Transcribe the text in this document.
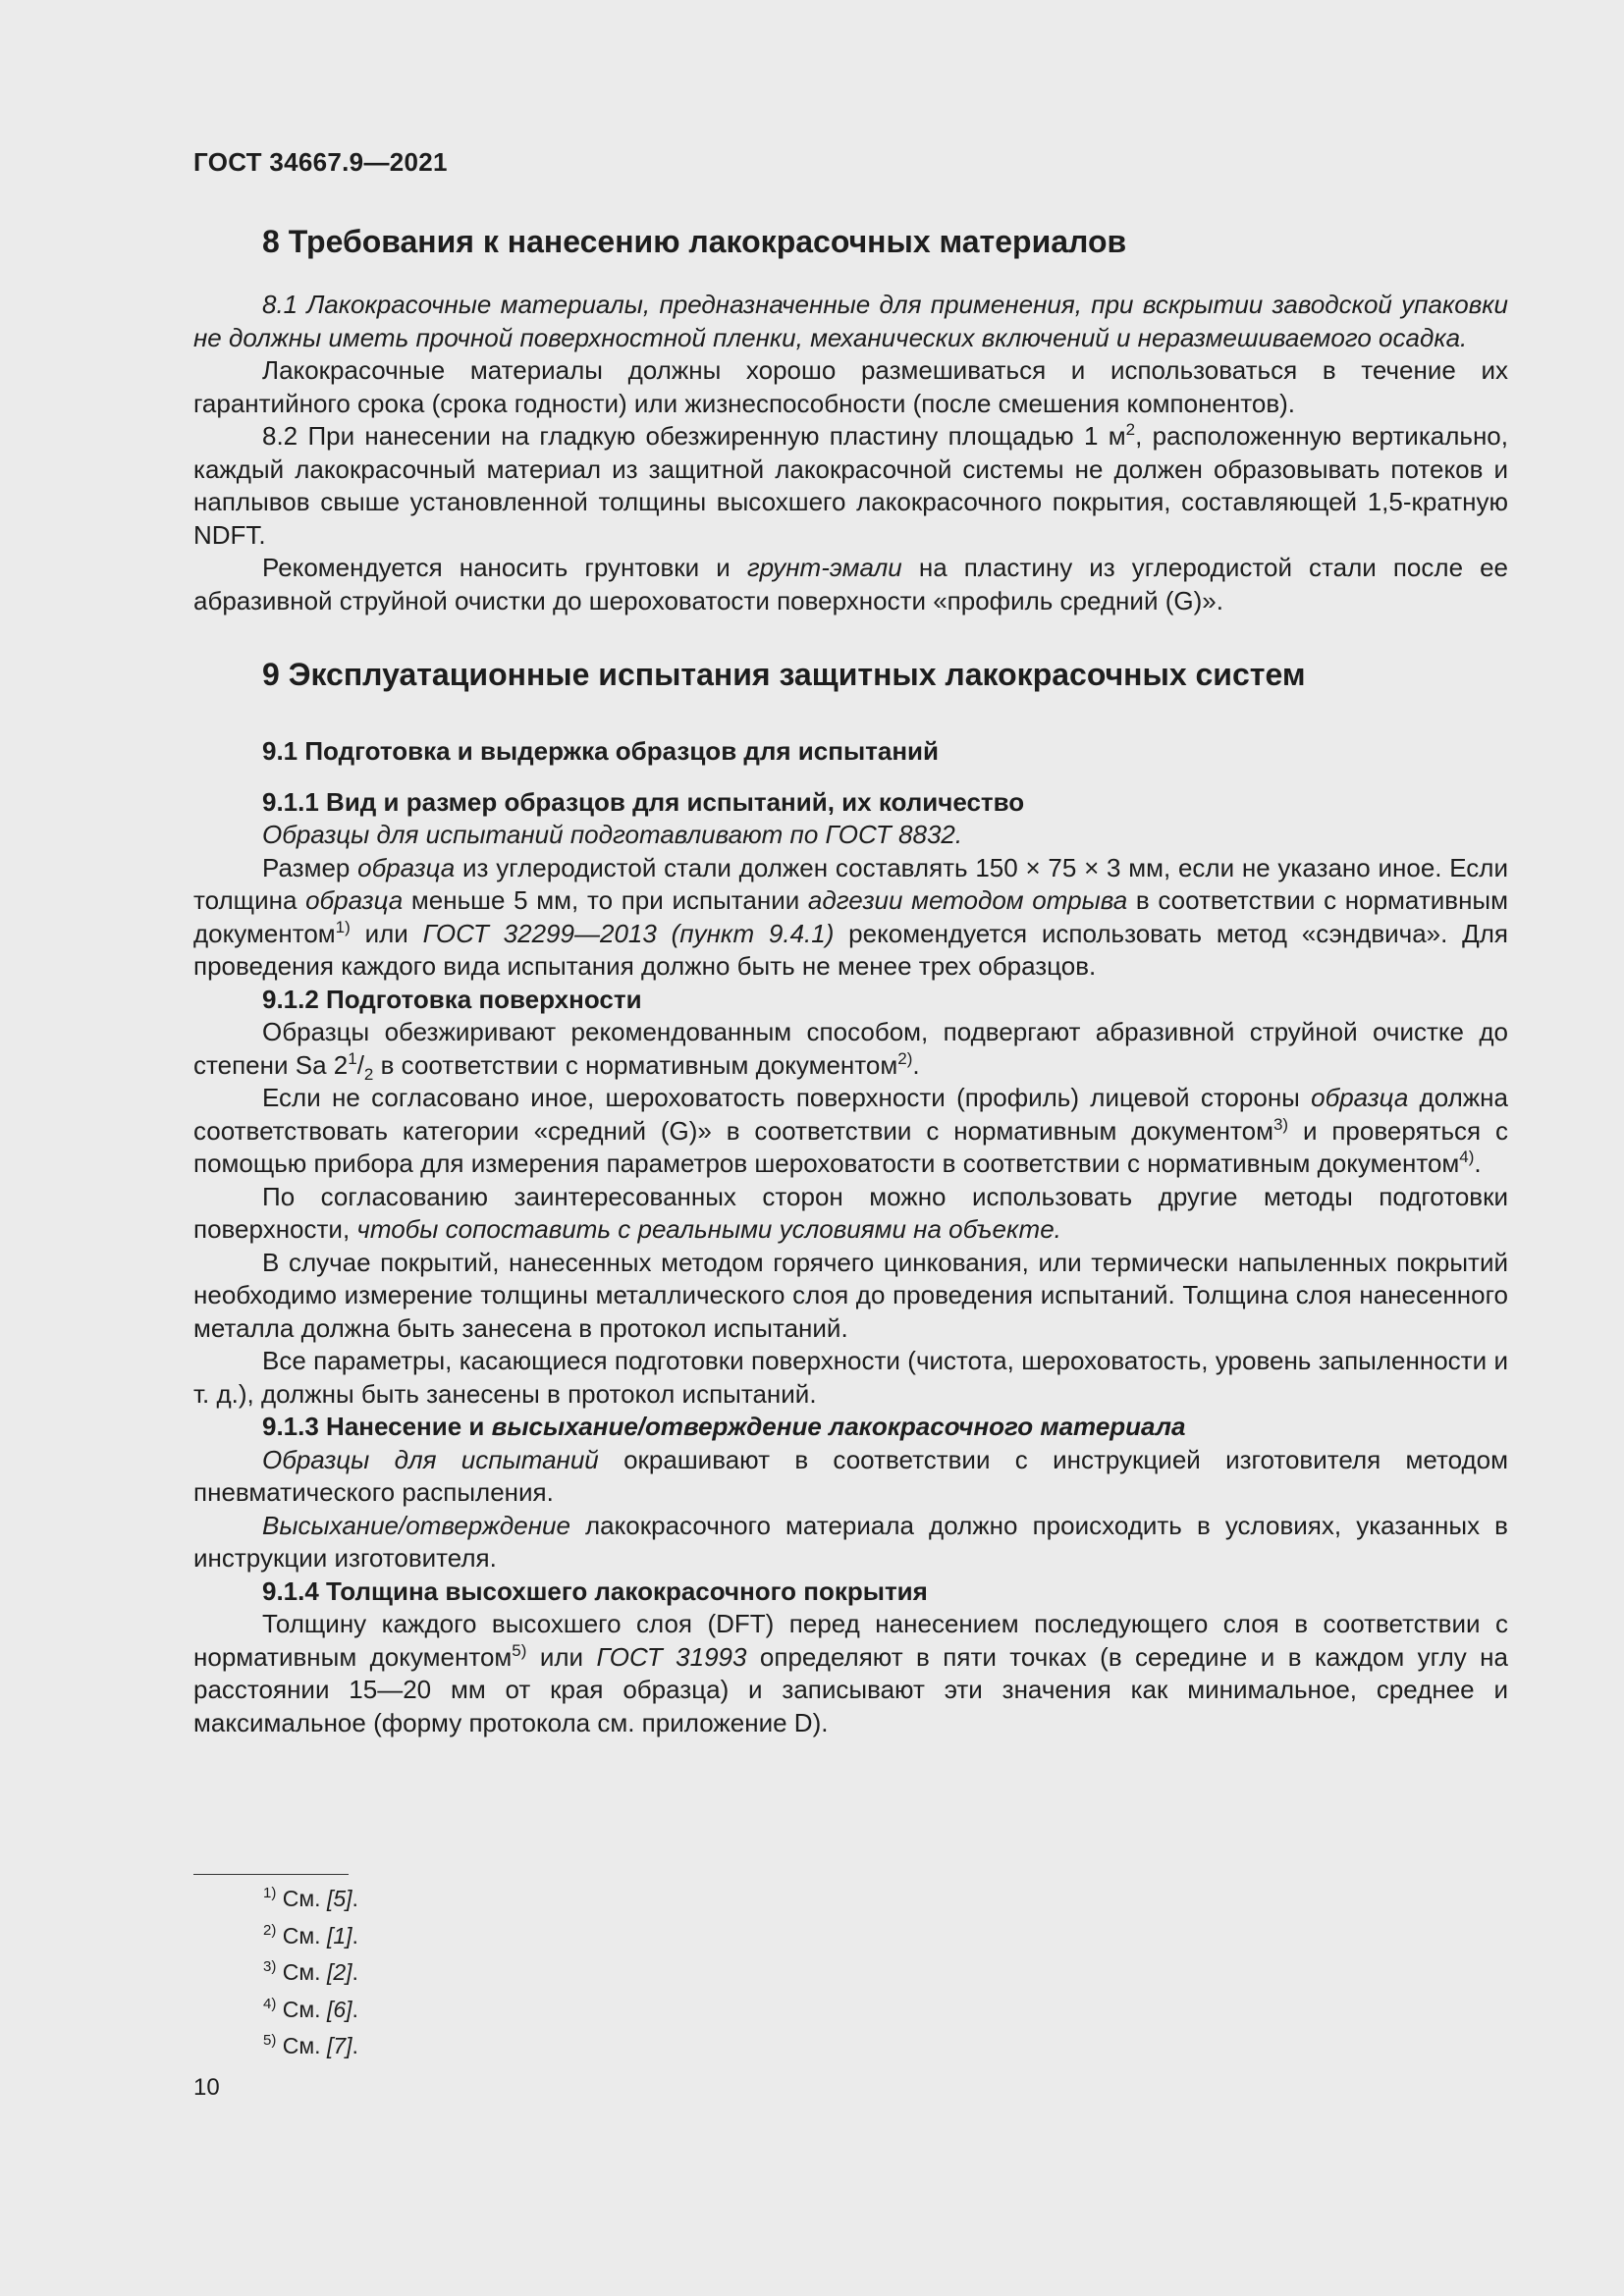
ГОСТ 34667.9—2021
8 Требования к нанесению лакокрасочных материалов

8.1 Лакокрасочные материалы, предназначенные для применения, при вскрытии заводской упаковки не должны иметь прочной поверхностной пленки, механических включений и неразмешиваемого осадка.

Лакокрасочные материалы должны хорошо размешиваться и использоваться в течение их гарантийного срока (срока годности) или жизнеспособности (после смешения компонентов).

8.2 При нанесении на гладкую обезжиренную пластину площадью 1 $м^2$, расположенную вертикально, каждый лакокрасочный материал из защитной лакокрасочной системы не должен образовывать потеков и наплывов свыше установленной толщины высохшего лакокрасочного покрытия, составляющей 1,5-кратную NDFT.

Рекомендуется наносить грунтовки и грунт-эмали на пластину из углеродистой стали после ее абразивной струйной очистки до шероховатости поверхности «профиль средний (G)».

9 Эксплуатационные испытания защитных лакокрасочных систем
9.1 Подготовка и выдержка образцов для испытаний
9.1.1 Вид и размер образцов для испытаний, их количество

Образцы для испытаний подготавливают по ГОСТ 8832.

Размер образца из углеродистой стали должен составлять 150 × 75 × 3 мм, если не указано иное. Если толщина образца меньше 5 мм, то при испытании адгезии методом отрыва в соответствии с нормативным документом$^{1)}$ или ГОСТ 32299—2013 (пункт 9.4.1) рекомендуется использовать метод «сэндвича». Для проведения каждого вида испытания должно быть не менее трех образцов.

9.1.2 Подготовка поверхности

Образцы обезжиривают рекомендованным способом, подвергают абразивной струйной очистке до степени Sa $2^1/_2$ в соответствии с нормативным документом$^{2)}$.

Если не согласовано иное, шероховатость поверхности (профиль) лицевой стороны образца должна соответствовать категории «средний (G)» в соответствии с нормативным документом$^{3)}$ и проверяться с помощью прибора для измерения параметров шероховатости в соответствии с нормативным документом$^{4)}$.

По согласованию заинтересованных сторон можно использовать другие методы подготовки поверхности, чтобы сопоставить с реальными условиями на объекте.

В случае покрытий, нанесенных методом горячего цинкования, или термически напыленных покрытий необходимо измерение толщины металлического слоя до проведения испытаний. Толщина слоя нанесенного металла должна быть занесена в протокол испытаний.

Все параметры, касающиеся подготовки поверхности (чистота, шероховатость, уровень запыленности и т. д.), должны быть занесены в протокол испытаний.

9.1.3 Нанесение и высыхание/отверждение лакокрасочного материала

Образцы для испытаний окрашивают в соответствии с инструкцией изготовителя методом пневматического распыления.

Высыхание/отверждение лакокрасочного материала должно происходить в условиях, указанных в инструкции изготовителя.

9.1.4 Толщина высохшего лакокрасочного покрытия

Толщину каждого высохшего слоя (DFT) перед нанесением последующего слоя в соответствии с нормативным документом$^{5)}$ или ГОСТ 31993 определяют в пяти точках (в середине и в каждом углу на расстоянии 15—20 мм от края образца) и записывают эти значения как минимальное, среднее и максимальное (форму протокола см. приложение D).

$^{1)}$ См. [5].
$^{2)}$ См. [1].
$^{3)}$ См. [2].
$^{4)}$ См. [6].
$^{5)}$ См. [7].
10
